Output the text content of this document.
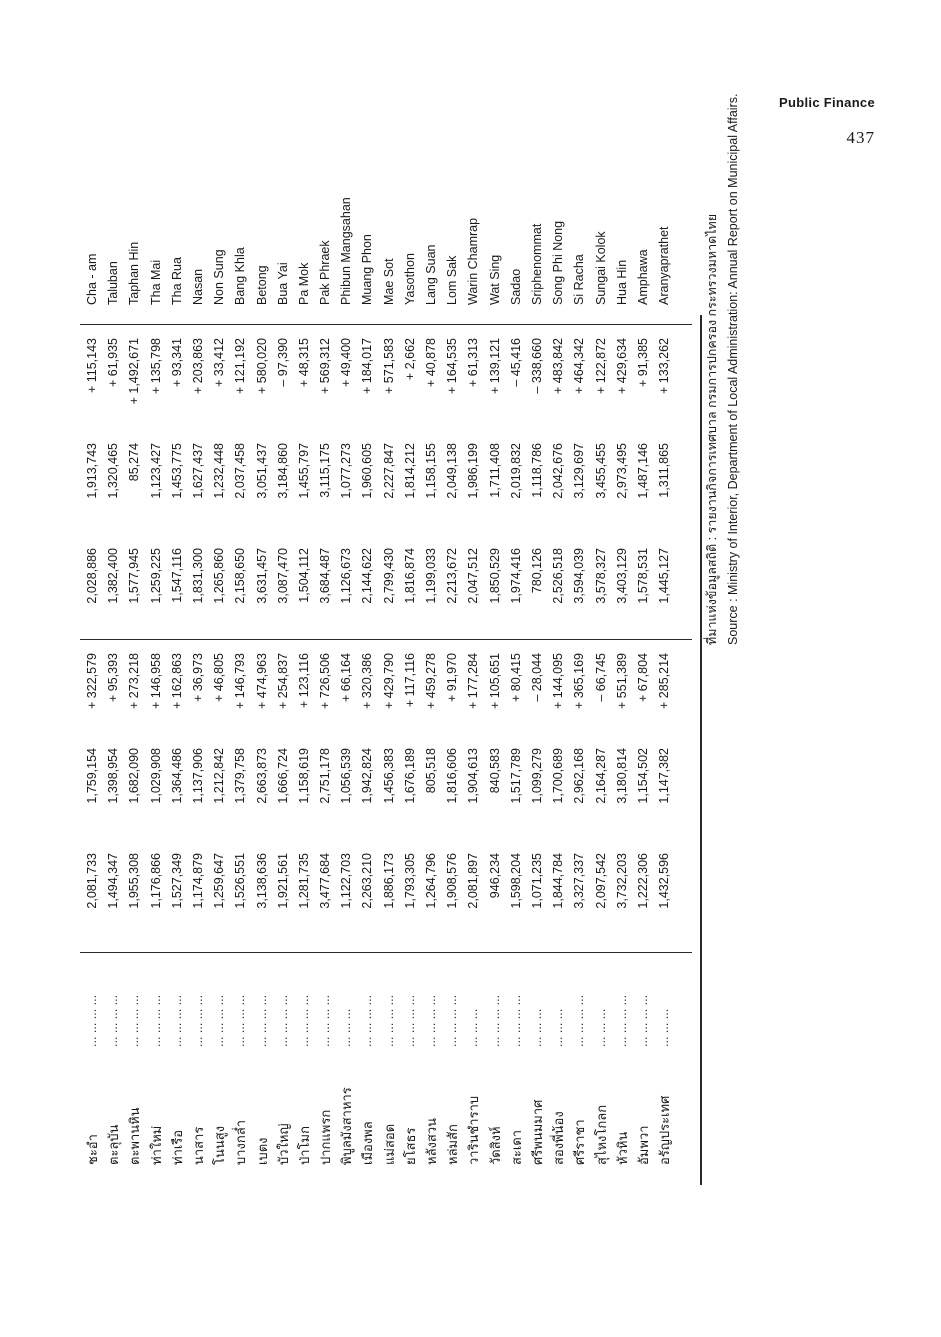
Public Finance
437
ชะอำ ตะลุบัน ตะพานหิน ท่าใหม่ ท่าเรือ นาสาร โนนสูง บางกล่ำ เบตง บัวใหญ่ ป่าโมก ปากแพรก พิบูลมังสาหาร เมืองพล แม่สอด ยโสธร หลังสวน หล่มสัก วารินชำราบ วัดสิงห์ สะเดา ศรีพนมมาศ สองพี่น้อง ศรีราชา สุไหงโกลก หัวหิน อัมพวา อรัญประเทศ
... ... ... ... ... ... ... ... ... ... ... ... ... ... ... ... ... ... ... ... ... ... ... ... ... ... ... ... ... ... ... ... ... ... ... ... ... ... ... ... ... ... ... ... ... ... ... ... ... ... ... ... ... ... ... ... ... ... ... ... ... ... ... ... ... ... ... ... ... ... ... ... ... ... ... ... ... ... ... ... ... ... ... ... ... ... ... ... ... ... ... ... ... ... ... ... ... ... ... ... ... ... ... ... ... ...
2,081,733 1,494,347 1,955,308 1,176,866 1,527,349 1,174,879 1,259,647 1,526,551 3,138,636 1,921,561 1,281,735 3,477,684 1,122,703 2,263,210 1,886,173 1,793,305 1,264,796 1,908,576 2,081,897 946,234 1,598,204 1,071,235 1,844,784 3,327,337 2,097,542 3,732,203 1,222,306 1,432,596
1,759,154 1,398,954 1,682,090 1,029,908 1,364,486 1,137,906 1,212,842 1,379,758 2,663,873 1,666,724 1,158,619 2,751,178 1,056,539 1,942,824 1,456,383 1,676,189 805,518 1,816,606 1,904,613 840,583 1,517,789 1,099,279 1,700,689 2,962,168 2,164,287 3,180,814 1,154,502 1,147,382
+ 322,579 + 95,393 + 273,218 + 146,958 + 162,863 + 36,973 + 46,805 + 146,793 + 474,963 + 254,837 + 123,116 + 726,506 + 66,164 + 320,386 + 429,790 + 117,116 + 459,278 + 91,970 + 177,284 + 105,651 + 80,415 – 28,044 + 144,095 + 365,169 – 66,745 + 551,389 + 67,804 + 285,214
2,028,886 1,382,400 1,577,945 1,259,225 1,547,116 1,831,300 1,265,860 2,158,650 3,631,457 3,087,470 1,504,112 3,684,487 1,126,673 2,144,622 2,799,430 1,816,874 1,199,033 2,213,672 2,047,512 1,850,529 1,974,416 780,126 2,526,518 3,594,039 3,578,327 3,403,129 1,578,531 1,445,127
1,913,743 1,320,465 85,274 1,123,427 1,453,775 1,627,437 1,232,448 2,037,458 3,051,437 3,184,860 1,455,797 3,115,175 1,077,273 1,960,605 2,227,847 1,814,212 1,158,155 2,049,138 1,986,199 1,711,408 2,019,832 1,118,786 2,042,676 3,129,697 3,455,455 2,973,495 1,487,146 1,311,865
+ 115,143 + 61,935 + 1,492,671 + 135,798 + 93,341 + 203,863 + 33,412 + 121,192 + 580,020 – 97,390 + 48,315 + 569,312 + 49,400 + 184,017 + 571,583 + 2,662 + 40,878 + 164,535 + 61,313 + 139,121 – 45,416 – 338,660 + 483,842 + 464,342 + 122,872 + 429,634 + 91,385 + 133,262
Cha - am Taluban Taphan Hin Tha Mai Tha Rua Nasan Non Sung Bang Khla Betong Bua Yai Pa Mok Pak Phraek Phibun Mangsahan Muang Phon Mae Sot Yasothon Lang Suan Lom Sak Warin Chamrap Wat Sing Sadao Sriphenommat Song Phi Nong Si Racha Sungai Kolok Hua Hin Amphawa Aranyaprathet	ที่มาแห่งข้อมูลสถิติ : รายงานกิจการเทศบาล กรมการปกครอง กระทรวงมหาดไทย Source : Ministry of Interior, Department of Local Administration: Annual Report on Municipal Affairs.
